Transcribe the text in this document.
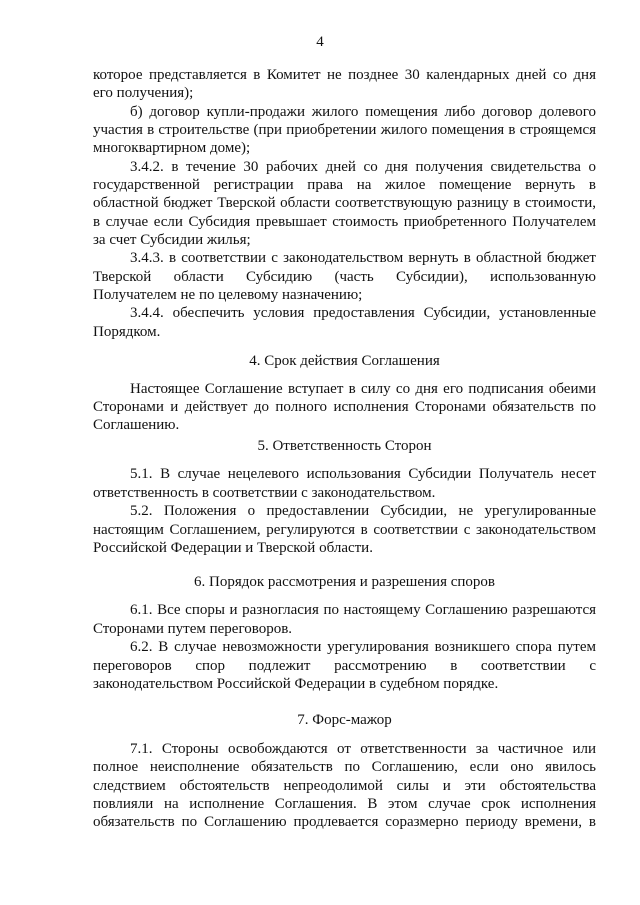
4
которое представляется в Комитет не позднее 30 календарных дней со дня
его получения);
б) договор купли-продажи жилого помещения либо договор долевого
участия в строительстве (при приобретении жилого помещения в строящемся
многоквартирном доме);
3.4.2. в течение 30 рабочих дней со дня получения свидетельства о
государственной регистрации права на жилое помещение вернуть в
областной бюджет Тверской области соответствующую разницу в стоимости,
в случае если Субсидия превышает стоимость приобретенного Получателем
за счет Субсидии жилья;
3.4.3. в соответствии с законодательством вернуть в областной бюджет
Тверской области Субсидию (часть Субсидии), использованную
Получателем не по целевому назначению;
3.4.4. обеспечить условия предоставления Субсидии, установленные
Порядком.
4. Срок действия Соглашения
Настоящее Соглашение вступает в силу со дня его подписания обеими
Сторонами и действует до полного исполнения Сторонами обязательств по
Соглашению.
5. Ответственность Сторон
5.1. В случае нецелевого использования Субсидии Получатель несет
ответственность в соответствии с законодательством.
5.2. Положения о предоставлении Субсидии, не урегулированные
настоящим Соглашением, регулируются в соответствии с законодательством
Российской Федерации и Тверской области.
6. Порядок рассмотрения и разрешения споров
6.1. Все споры и разногласия по настоящему Соглашению разрешаются
Сторонами путем переговоров.
6.2. В случае невозможности урегулирования возникшего спора путем
переговоров спор подлежит рассмотрению в соответствии с
законодательством Российской Федерации в судебном порядке.
7. Форс-мажор
7.1. Стороны освобождаются от ответственности за частичное или
полное неисполнение обязательств по Соглашению, если оно явилось
следствием обстоятельств непреодолимой силы и эти обстоятельства
повлияли на исполнение Соглашения. В этом случае срок исполнения
обязательств по Соглашению продлевается соразмерно периоду времени, в
